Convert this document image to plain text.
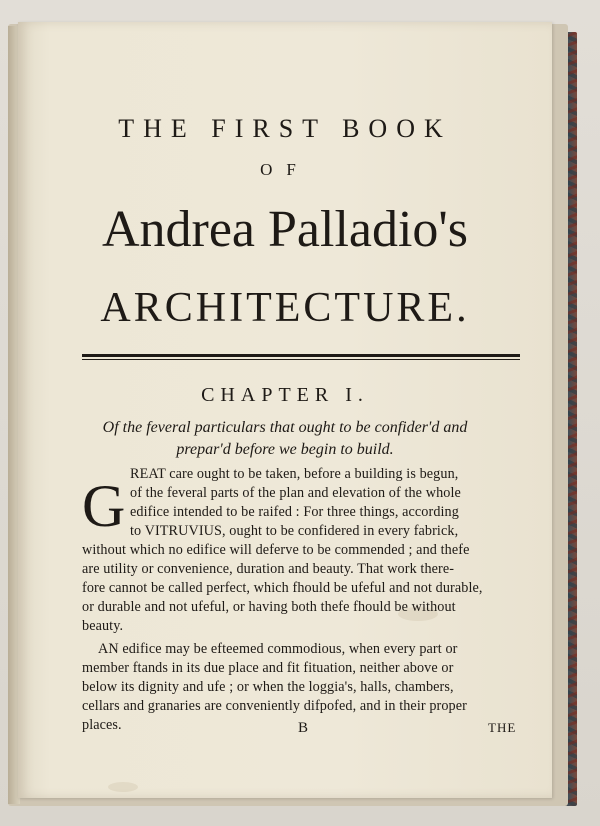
THE FIRST BOOK
OF
Andrea Palladio's
ARCHITECTURE.
CHAPTER I.
Of the feveral particulars that ought to be confider'd and
prepar'd before we begin to build.
G REAT care ought to be taken, before a building is begun,
of the feveral parts of the plan and elevation of the whole
edifice intended to be raifed : For three things, according
to VITRUVIUS, ought to be confidered in every fabrick,
without which no edifice will deferve to be commended ; and thefe
are utility or convenience, duration and beauty. That work there-
fore cannot be called perfect, which fhould be ufeful and not durable,
or durable and not ufeful, or having both thefe fhould be without
beauty.
AN edifice may be efteemed commodious, when every part or
member ftands in its due place and fit fituation, neither above or
below its dignity and ufe ; or when the loggia's, halls, chambers,
cellars and granaries are conveniently difpofed, and in their proper
places.	B	THE
